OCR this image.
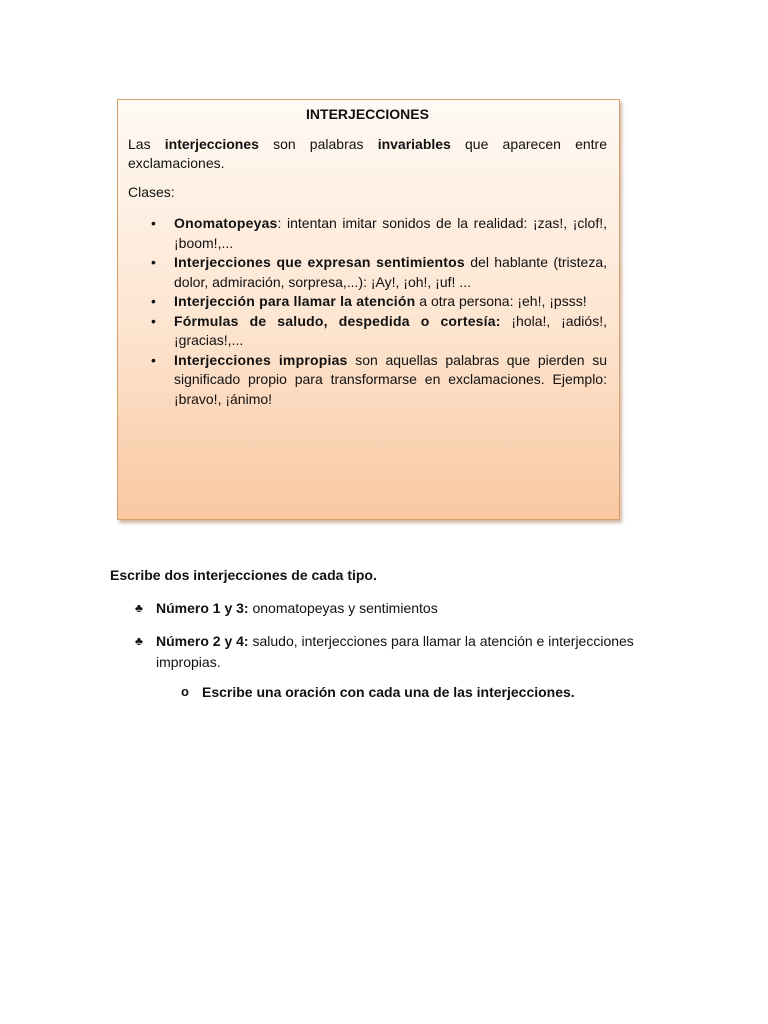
INTERJECCIONES

Las interjecciones son palabras invariables que aparecen entre exclamaciones.

Clases:

• Onomatopeyas: intentan imitar sonidos de la realidad: ¡zas!, ¡clof!, ¡boom!,...
• Interjecciones que expresan sentimientos del hablante (tristeza, dolor, admiración, sorpresa,...): ¡Ay!, ¡oh!, ¡uf! ...
• Interjección para llamar la atención a otra persona: ¡eh!, ¡psss!
• Fórmulas de saludo, despedida o cortesía: ¡hola!, ¡adiós!, ¡gracias!,...
• Interjecciones impropias son aquellas palabras que pierden su significado propio para transformarse en exclamaciones. Ejemplo: ¡bravo!, ¡ánimo!
Escribe dos interjecciones de cada tipo.
♣ Número 1 y 3: onomatopeyas y sentimientos
♣ Número 2 y 4: saludo, interjecciones para llamar la atención e interjecciones impropias.
o Escribe una oración con cada una de las interjecciones.
